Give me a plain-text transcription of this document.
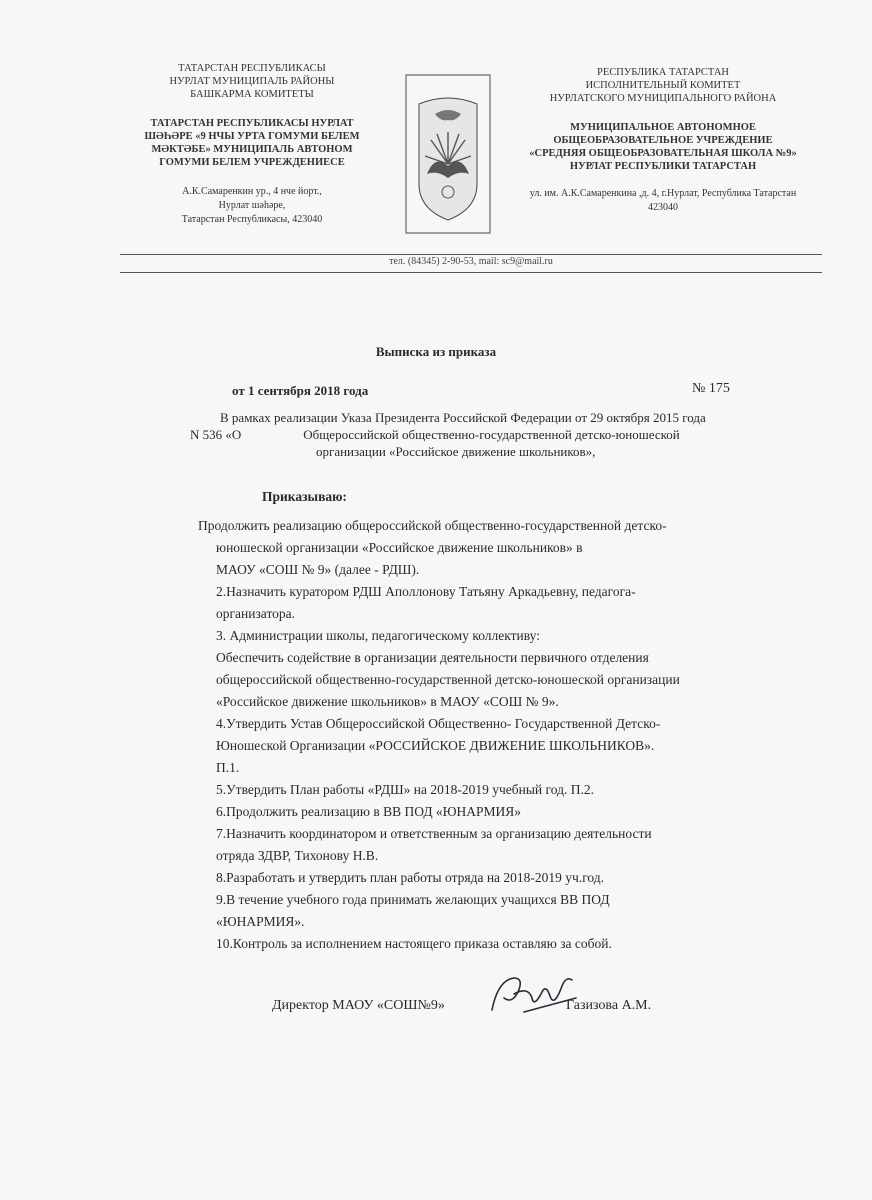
ТАТАРСТАН РЕСПУБЛИКАСЫ
НУРЛАТ МУНИЦИПАЛЬ РАЙОНЫ
БАШКАРМА КОМИТЕТЫ
ТАТАРСТАН РЕСПУБЛИКАСЫ НУРЛАТ
ШӘҺӘРЕ «9 НЧЫ УРТА ГОМУМИ БЕЛЕМ
МӘКТӘБЕ» МУНИЦИПАЛЬ АВТОНОМ
ГОМУМИ БЕЛЕМ УЧРЕЖДЕНИЕСЕ
А.К.Самаренкин ур., 4 нче йорт.,
Нурлат шәһәре,
Татарстан Республикасы, 423040
РЕСПУБЛИКА ТАТАРСТАН
ИСПОЛНИТЕЛЬНЫЙ КОМИТЕТ
НУРЛАТСКОГО МУНИЦИПАЛЬНОГО РАЙОНА
МУНИЦИПАЛЬНОЕ АВТОНОМНОЕ
ОБЩЕОБРАЗОВАТЕЛЬНОЕ УЧРЕЖДЕНИЕ
«СРЕДНЯЯ ОБЩЕОБРАЗОВАТЕЛЬНАЯ ШКОЛА №9»
НУРЛАТ РЕСПУБЛИКИ ТАТАРСТАН
ул. им. А.К.Самаренкина ,д. 4, г.Нурлат, Республика Татарстан
423040
тел. (84345) 2-90-53, mail: sc9@mail.ru
Выписка из приказа
от 1 сентября 2018 года	№ 175
В рамках реализации Указа Президента Российской Федерации от 29 октября 2015 года
N 536 «О	Общероссийской общественно-государственной детско-юношеской
организации «Российское движение школьников»,
Приказываю:
Продолжить реализацию общероссийской общественно-государственной детско-
юношеской организации «Российское движение школьников» в
МАОУ «СОШ № 9» (далее - РДШ).
2.Назначить куратором РДШ Аполлонову Татьяну Аркадьевну, педагога-
организатора.
3. Администрации школы, педагогическому коллективу:
Обеспечить содействие в организации деятельности первичного отделения
общероссийской общественно-государственной детско-юношеской организации
«Российское движение школьников» в МАОУ «СОШ № 9».
4.Утвердить Устав Общероссийской Общественно- Государственной Детско-
Юношеской Организации «РОССИЙСКОЕ ДВИЖЕНИЕ ШКОЛЬНИКОВ».
П.1.
5.Утвердить План работы «РДШ» на 2018-2019 учебный год. П.2.
6.Продолжить реализацию в ВВ ПОД «ЮНАРМИЯ»
7.Назначить координатором и ответственным за организацию деятельности
отряда ЗДВР, Тихонову Н.В.
8.Разработать и утвердить план работы отряда на 2018-2019 уч.год.
9.В течение учебного года принимать желающих учащихся ВВ ПОД
«ЮНАРМИЯ».
10.Контроль за исполнением настоящего приказа оставляю за собой.
Директор МАОУ «СОШ№9»	Газизова А.М.
